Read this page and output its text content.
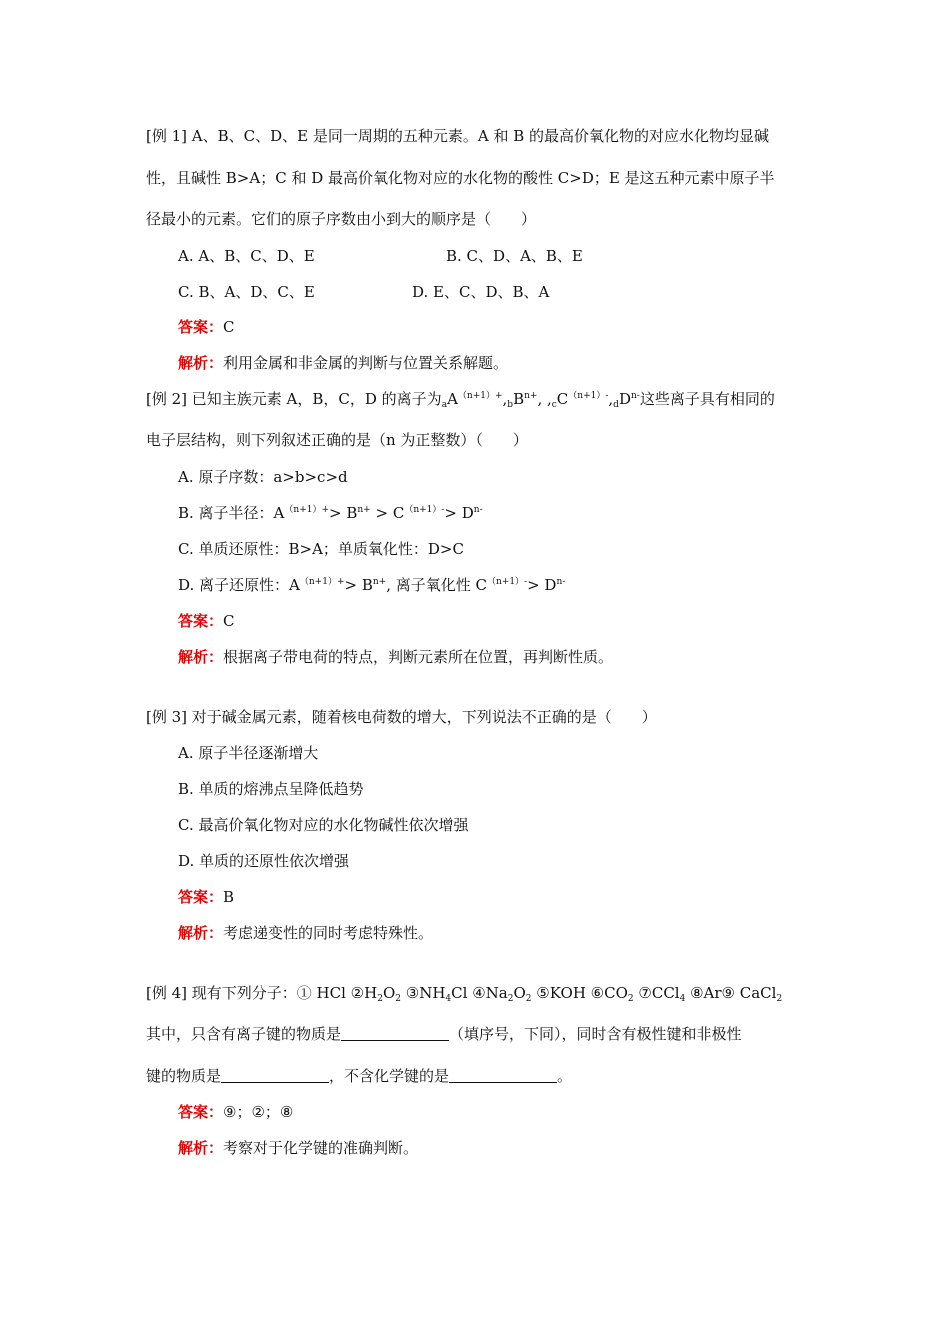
[例 1] A、B、C、D、E 是同一周期的五种元素。A 和 B 的最高价氧化物的对应水化物均显碱
性，且碱性 B>A；C 和 D 最高价氧化物对应的水化物的酸性 C>D；E 是这五种元素中原子半
径最小的元素。它们的原子序数由小到大的顺序是（　　）
A. A、B、C、D、E	B. C、D、A、B、E
C. B、A、D、C、E	D. E、C、D、B、A
答案：C
解析：利用金属和非金属的判断与位置关系解题。
[例 2] 已知主族元素 A，B，C，D 的离子为$_aA^{(n+1)+},_bB^{n+}$, $,_cC^{(n+1)-},_dD^{n-}$这些离子具有相同的
电子层结构，则下列叙述正确的是（n 为正整数）（　　）
A. 原子序数：a>b>c>d
B. 离子半径：$A^{(n+1)+}> B^{n+} > C^{(n+1)-}> D^{n-}$
C. 单质还原性：B>A；单质氧化性：D>C
D. 离子还原性：$A^{(n+1)+}> B^{n+}$, 离子氧化性 $C^{(n+1)-}> D^{n-}$
答案：C
解析：根据离子带电荷的特点，判断元素所在位置，再判断性质。
[例 3] 对于碱金属元素，随着核电荷数的增大，下列说法不正确的是（　　）
A. 原子半径逐渐增大
B. 单质的熔沸点呈降低趋势
C. 最高价氧化物对应的水化物碱性依次增强
D. 单质的还原性依次增强
答案：B
解析：考虑递变性的同时考虑特殊性。
[例 4] 现有下列分子：① HCl $②H_2O_2$ $③NH_4Cl$ $④Na_2O_2$ ⑤KOH $⑥CO_2$ ⑦CCl$_4$ ⑧Ar⑨ CaCl$_2$
其中，只含有离子键的物质是	（填序号，下同），同时含有极性键和非极性
键的物质是	，不含化学键的是	。
答案：⑨；②；⑧
解析：考察对于化学键的准确判断。
